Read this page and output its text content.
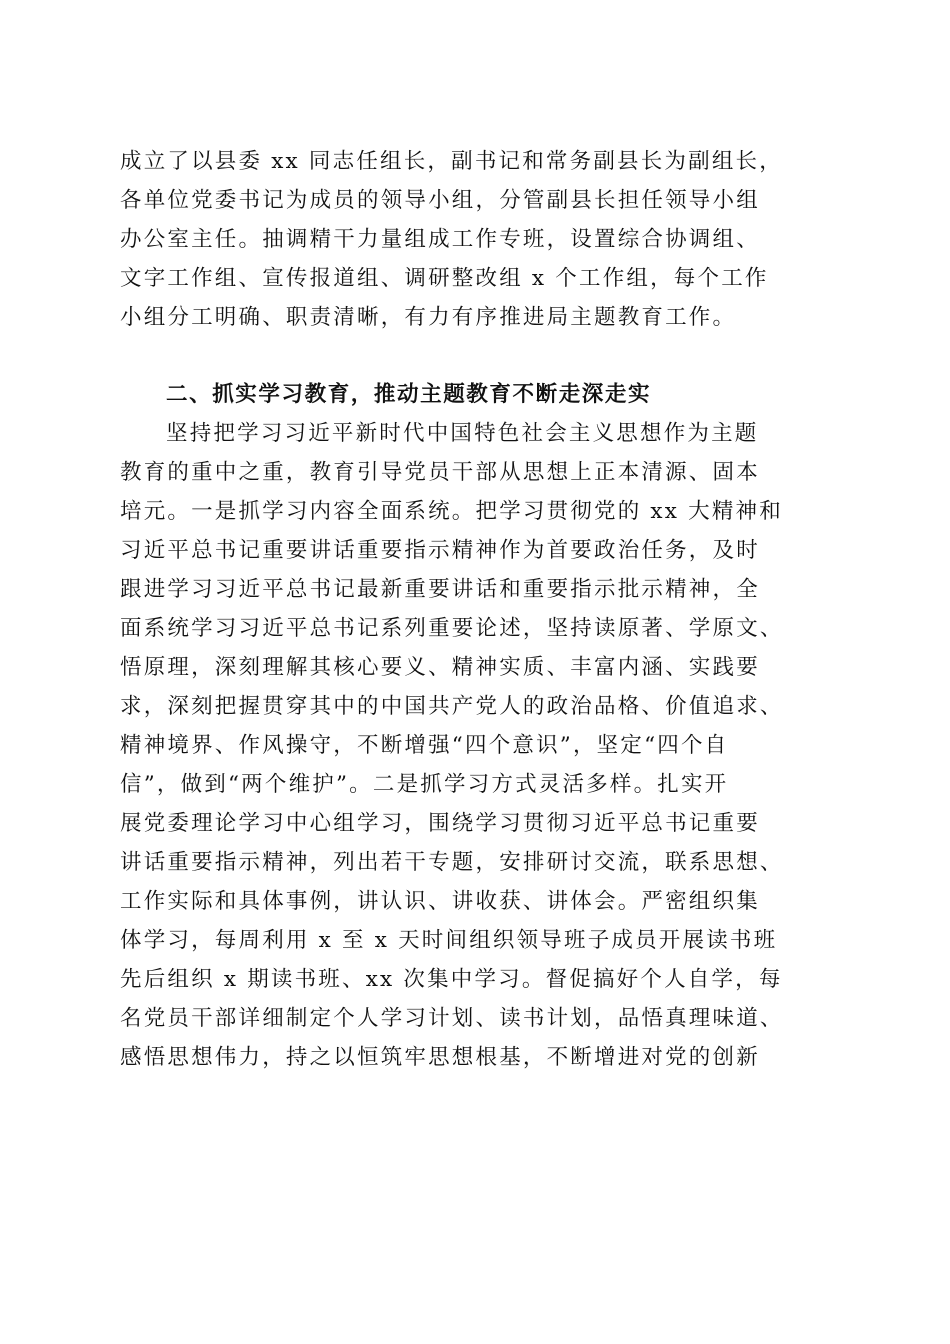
成立了以县委 xx 同志任组长，副书记和常务副县长为副组长，
各单位党委书记为成员的领导小组，分管副县长担任领导小组
办公室主任。抽调精干力量组成工作专班，设置综合协调组、
文字工作组、宣传报道组、调研整改组 x 个工作组，每个工作
小组分工明确、职责清晰，有力有序推进局主题教育工作。
二、抓实学习教育，推动主题教育不断走深走实
坚持把学习习近平新时代中国特色社会主义思想作为主题
教育的重中之重，教育引导党员干部从思想上正本清源、固本
培元。一是抓学习内容全面系统。把学习贯彻党的 xx 大精神和
习近平总书记重要讲话重要指示精神作为首要政治任务，及时
跟进学习习近平总书记最新重要讲话和重要指示批示精神，全
面系统学习习近平总书记系列重要论述，坚持读原著、学原文、
悟原理，深刻理解其核心要义、精神实质、丰富内涵、实践要
求，深刻把握贯穿其中的中国共产党人的政治品格、价值追求、
精神境界、作风操守，不断增强“四个意识”，坚定“四个自
信”，做到“两个维护”。二是抓学习方式灵活多样。扎实开
展党委理论学习中心组学习，围绕学习贯彻习近平总书记重要
讲话重要指示精神，列出若干专题，安排研讨交流，联系思想、
工作实际和具体事例，讲认识、讲收获、讲体会。严密组织集
体学习，每周利用 x 至 x 天时间组织领导班子成员开展读书班
先后组织 x 期读书班、xx 次集中学习。督促搞好个人自学，每
名党员干部详细制定个人学习计划、读书计划，品悟真理味道、
感悟思想伟力，持之以恒筑牢思想根基，不断增进对党的创新
